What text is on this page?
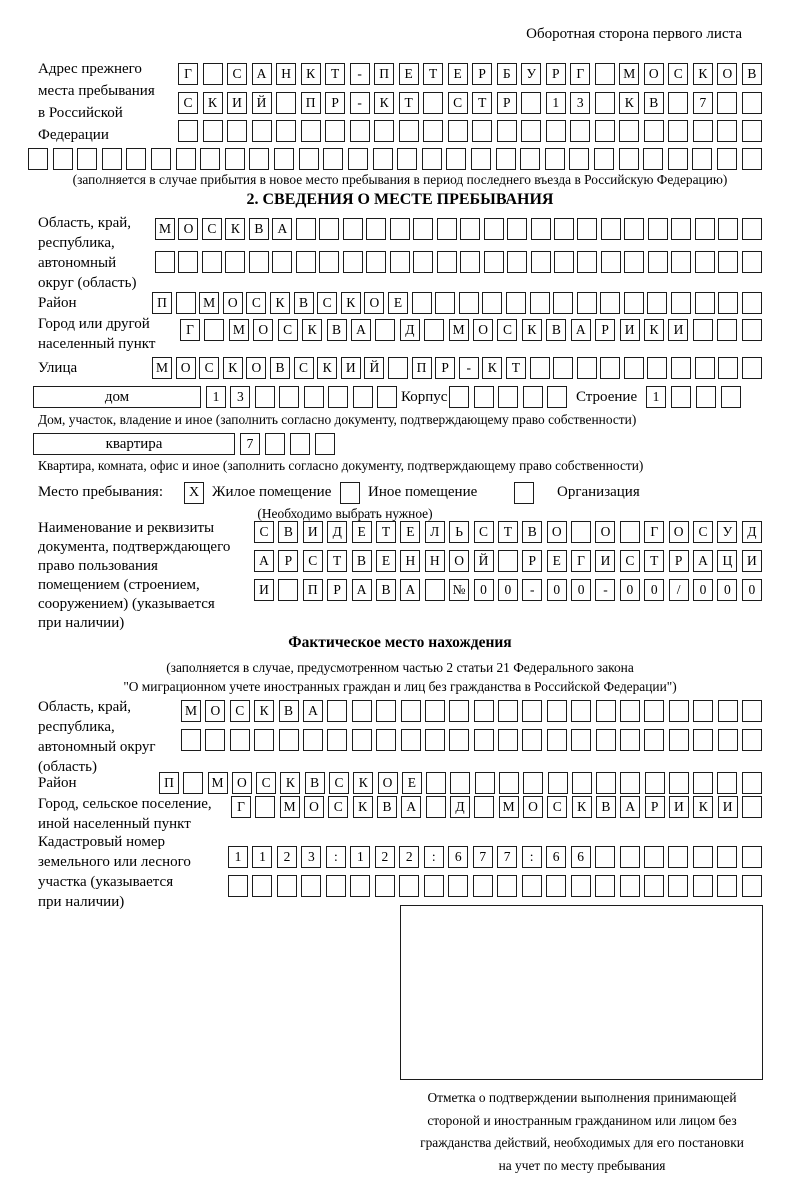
Оборотная сторона первого листа
Адрес прежнего
места пребывания
в Российской
Федерации
Г	С	А	Н	К	Т	-	П	Е	Т	Е	Р	Б	У	Р	Г	М	О	С	К	О	В
С	К	И	Й	П	Р	-	К	Т	С	Т	Р	1	3	К	В	7
(заполняется в случае прибытия в новое место пребывания в период последнего въезда в Российскую Федерацию)
2. СВЕДЕНИЯ О МЕСТЕ ПРЕБЫВАНИЯ
Область, край,
республика,
автономный
округ (область)
М О	С	К	В	А
Район	П	М О	С	К	В	С	К	О	Е
Город или другой
населенный пункт
Г	М	О	С	К	В	А	Д	М	О	С	К	В	А	Р	И	К	И
Улица	М О	С	К	О	В	С	К	И	Й	П	Р	-	К	Т
дом	1	3	Корпус	Строение	1
Дом, участок, владение и иное (заполнить согласно документу, подтверждающему право собственности)
квартира	7
Квартира, комната, офис и иное (заполнить согласно документу, подтверждающему право собственности)
Место пребывания:	X Жилое помещение Иное помещение	Организация
(Необходимо выбрать нужное)
Наименование и реквизиты
документа, подтверждающего
право пользования
помещением (строением,
сооружением) (указывается
при наличии)
С	В	И	Д	Е	Т	Е	Л	Ь	С	Т	В	О	О	Г	О	С	У	Д
А	Р	С	Т	В	Е	Н	Н	О	Й	Р	Е	Г	И	С	Т	Р	А	Ц	И
И	П	Р	А	В	А	№	0	0	-	0	0	-	0	0	/	0	0	0
Фактическое место нахождения
(заполняется в случае, предусмотренном частью 2 статьи 21 Федерального закона
"О миграционном учете иностранных граждан и лиц без гражданства в Российской Федерации")
Область, край,
республика,
автономный округ
(область)
М	О	С	К	В	А
Район	П	М О	С	К	В	С	К	О	Е
Город, сельское поселение,
иной населенный пункт
Г	М О	С	К	В	А	Д	М О	С	К	В	А	Р	И	К	И
Кадастровый номер
земельного или лесного
участка (указывается
при наличии)
1	1	2	3	:	1	2	2	:	6	7	7	:	6	6
Отметка о подтверждении выполнения принимающей
стороной и иностранным гражданином или лицом без
гражданства действий, необходимых для его постановки
на учет по месту пребывания
